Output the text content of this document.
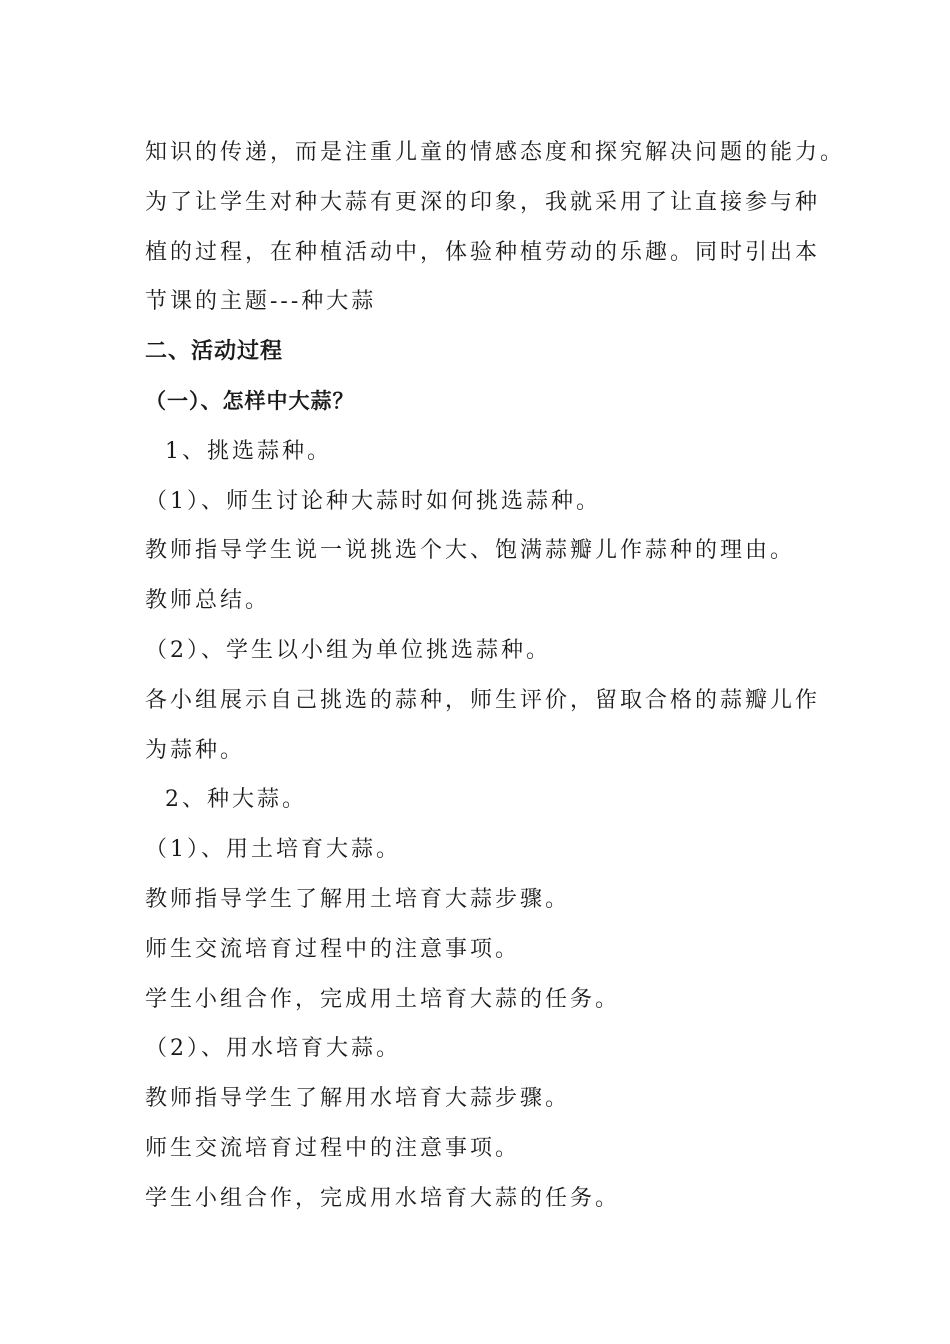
知识的传递，而是注重儿童的情感态度和探究解决问题的能力。
为了让学生对种大蒜有更深的印象，我就采用了让直接参与种
植的过程，在种植活动中，体验种植劳动的乐趣。同时引出本
节课的主题---种大蒜
二、活动过程
（一）、怎样中大蒜？
1、挑选蒜种。
（1）、师生讨论种大蒜时如何挑选蒜种。
教师指导学生说一说挑选个大、饱满蒜瓣儿作蒜种的理由。
教师总结。
（2）、学生以小组为单位挑选蒜种。
各小组展示自己挑选的蒜种，师生评价，留取合格的蒜瓣儿作
为蒜种。
2、种大蒜。
（1）、用土培育大蒜。
教师指导学生了解用土培育大蒜步骤。
师生交流培育过程中的注意事项。
学生小组合作，完成用土培育大蒜的任务。
（2）、用水培育大蒜。
教师指导学生了解用水培育大蒜步骤。
师生交流培育过程中的注意事项。
学生小组合作，完成用水培育大蒜的任务。
